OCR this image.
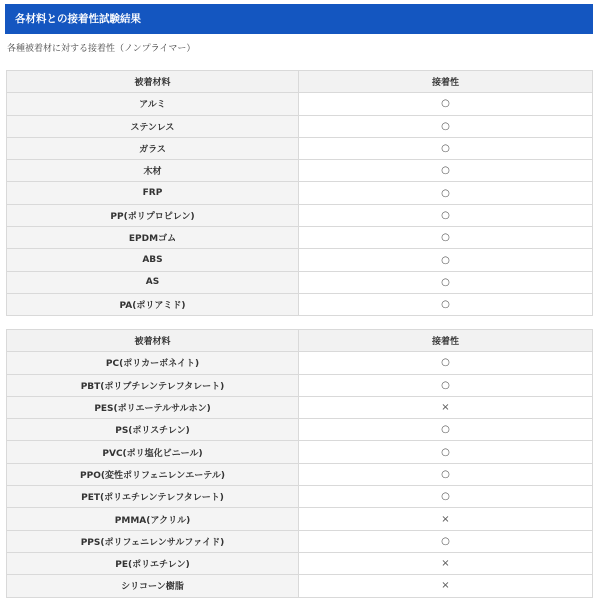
各材料との接着性試験結果
各種被着材に対する接着性（ノンプライマー）
被着材料	接着性
アルミ	○
ステンレス	○
ガラス	○
木材	○
FRP	○
PP(ポリプロピレン)	○
EPDMゴム	○
ABS	○
AS	○
PA(ポリアミド)	○
被着材料	接着性
PC(ポリカーボネイト)	○
PBT(ポリブチレンテレフタレート)	○
PES(ポリエーテルサルホン)	×
PS(ポリスチレン)	○
PVC(ポリ塩化ビニール)	○
PPO(変性ポリフェニレンエーテル)	○
PET(ポリエチレンテレフタレート)	○
PMMA(アクリル)	×
PPS(ポリフェニレンサルファイド)	○
PE(ポリエチレン)	×
シリコーン樹脂	×
